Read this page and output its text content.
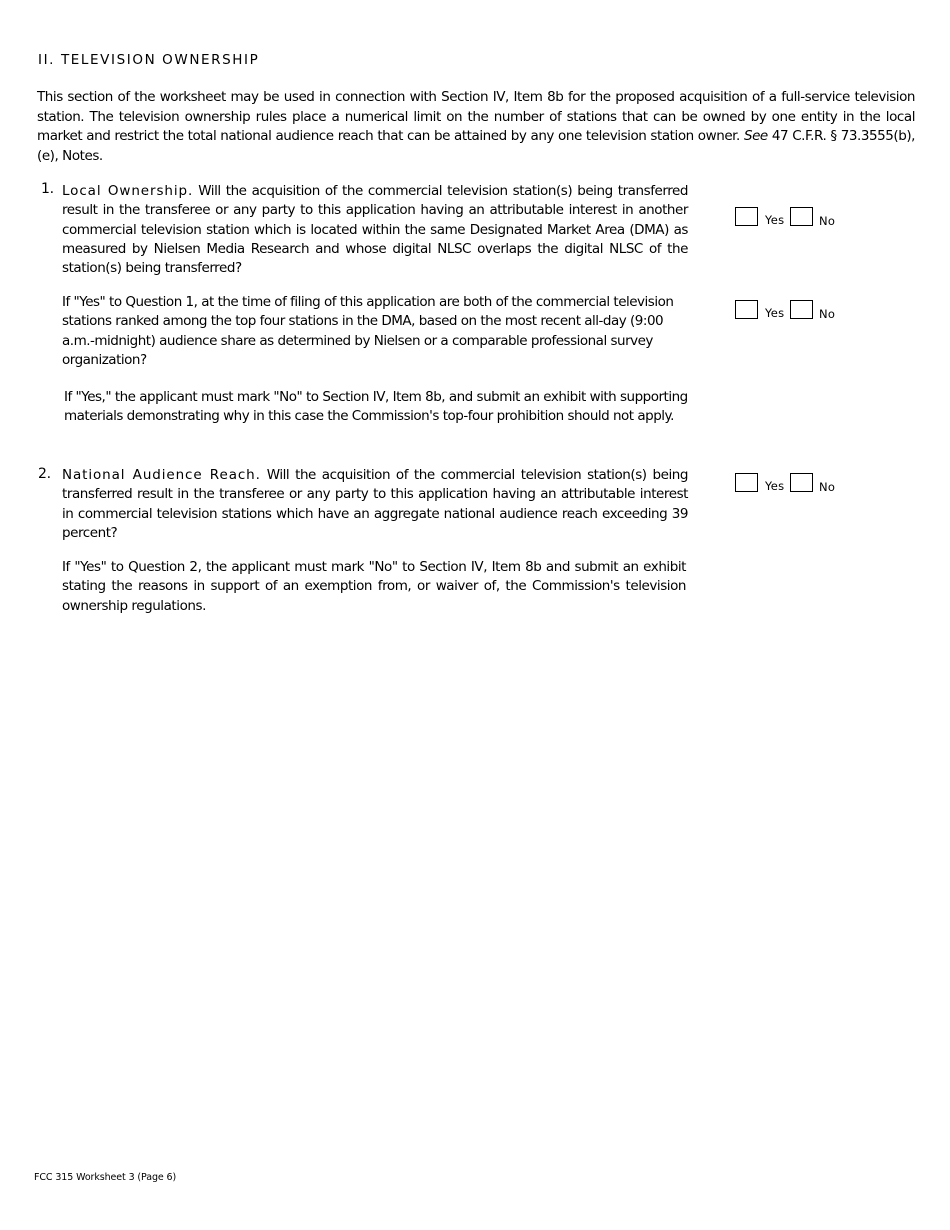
II. TELEVISION OWNERSHIP
This section of the worksheet may be used in connection with Section IV, Item 8b for the proposed acquisition of a full-service television station. The television ownership rules place a numerical limit on the number of stations that can be owned by one entity in the local market and restrict the total national audience reach that can be attained by any one television station owner. See 47 C.F.R. § 73.3555(b), (e), Notes.
1. Local Ownership. Will the acquisition of the commercial television station(s) being transferred result in the transferee or any party to this application having an attributable interest in another commercial television station which is located within the same Designated Market Area (DMA) as measured by Nielsen Media Research and whose digital NLSC overlaps the digital NLSC of the station(s) being transferred?
Yes	No
If "Yes" to Question 1, at the time of filing of this application are both of the commercial television stations ranked among the top four stations in the DMA, based on the most recent all-day (9:00 a.m.-midnight) audience share as determined by Nielsen or a comparable professional survey organization?
Yes	No
If "Yes," the applicant must mark "No" to Section IV, Item 8b, and submit an exhibit with supporting materials demonstrating why in this case the Commission's top-four prohibition should not apply.
2. National Audience Reach. Will the acquisition of the commercial television station(s) being transferred result in the transferee or any party to this application having an attributable interest in commercial television stations which have an aggregate national audience reach exceeding 39 percent?
Yes	No
If "Yes" to Question 2, the applicant must mark "No" to Section IV, Item 8b and submit an exhibit stating the reasons in support of an exemption from, or waiver of, the Commission's television ownership regulations.
FCC 315 Worksheet 3 (Page 6)
